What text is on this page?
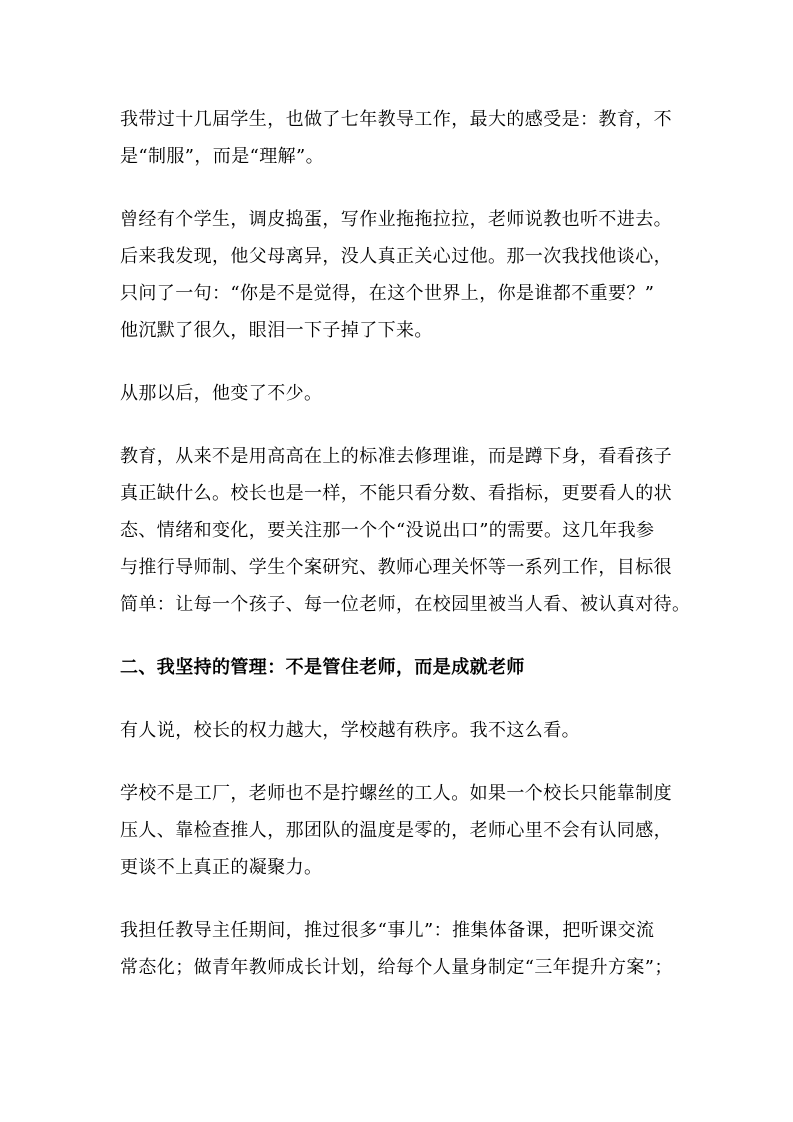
我带过十几届学生，也做了七年教导工作，最大的感受是：教育，不
是“制服”，而是“理解”。

曾经有个学生，调皮捣蛋，写作业拖拖拉拉，老师说教也听不进去。
后来我发现，他父母离异，没人真正关心过他。那一次我找他谈心，
只问了一句：“你是不是觉得，在这个世界上，你是谁都不重要？”
他沉默了很久，眼泪一下子掉了下来。

从那以后，他变了不少。

教育，从来不是用高高在上的标准去修理谁，而是蹲下身，看看孩子
真正缺什么。校长也是一样，不能只看分数、看指标，更要看人的状
态、情绪和变化，要关注那一个个“没说出口”的需要。这几年我参
与推行导师制、学生个案研究、教师心理关怀等一系列工作，目标很
简单：让每一个孩子、每一位老师，在校园里被当人看、被认真对待。

二、我坚持的管理：不是管住老师，而是成就老师

有人说，校长的权力越大，学校越有秩序。我不这么看。

学校不是工厂，老师也不是拧螺丝的工人。如果一个校长只能靠制度
压人、靠检查推人，那团队的温度是零的，老师心里不会有认同感，
更谈不上真正的凝聚力。

我担任教导主任期间，推过很多“事儿”：推集体备课，把听课交流
常态化；做青年教师成长计划，给每个人量身制定“三年提升方案”；
